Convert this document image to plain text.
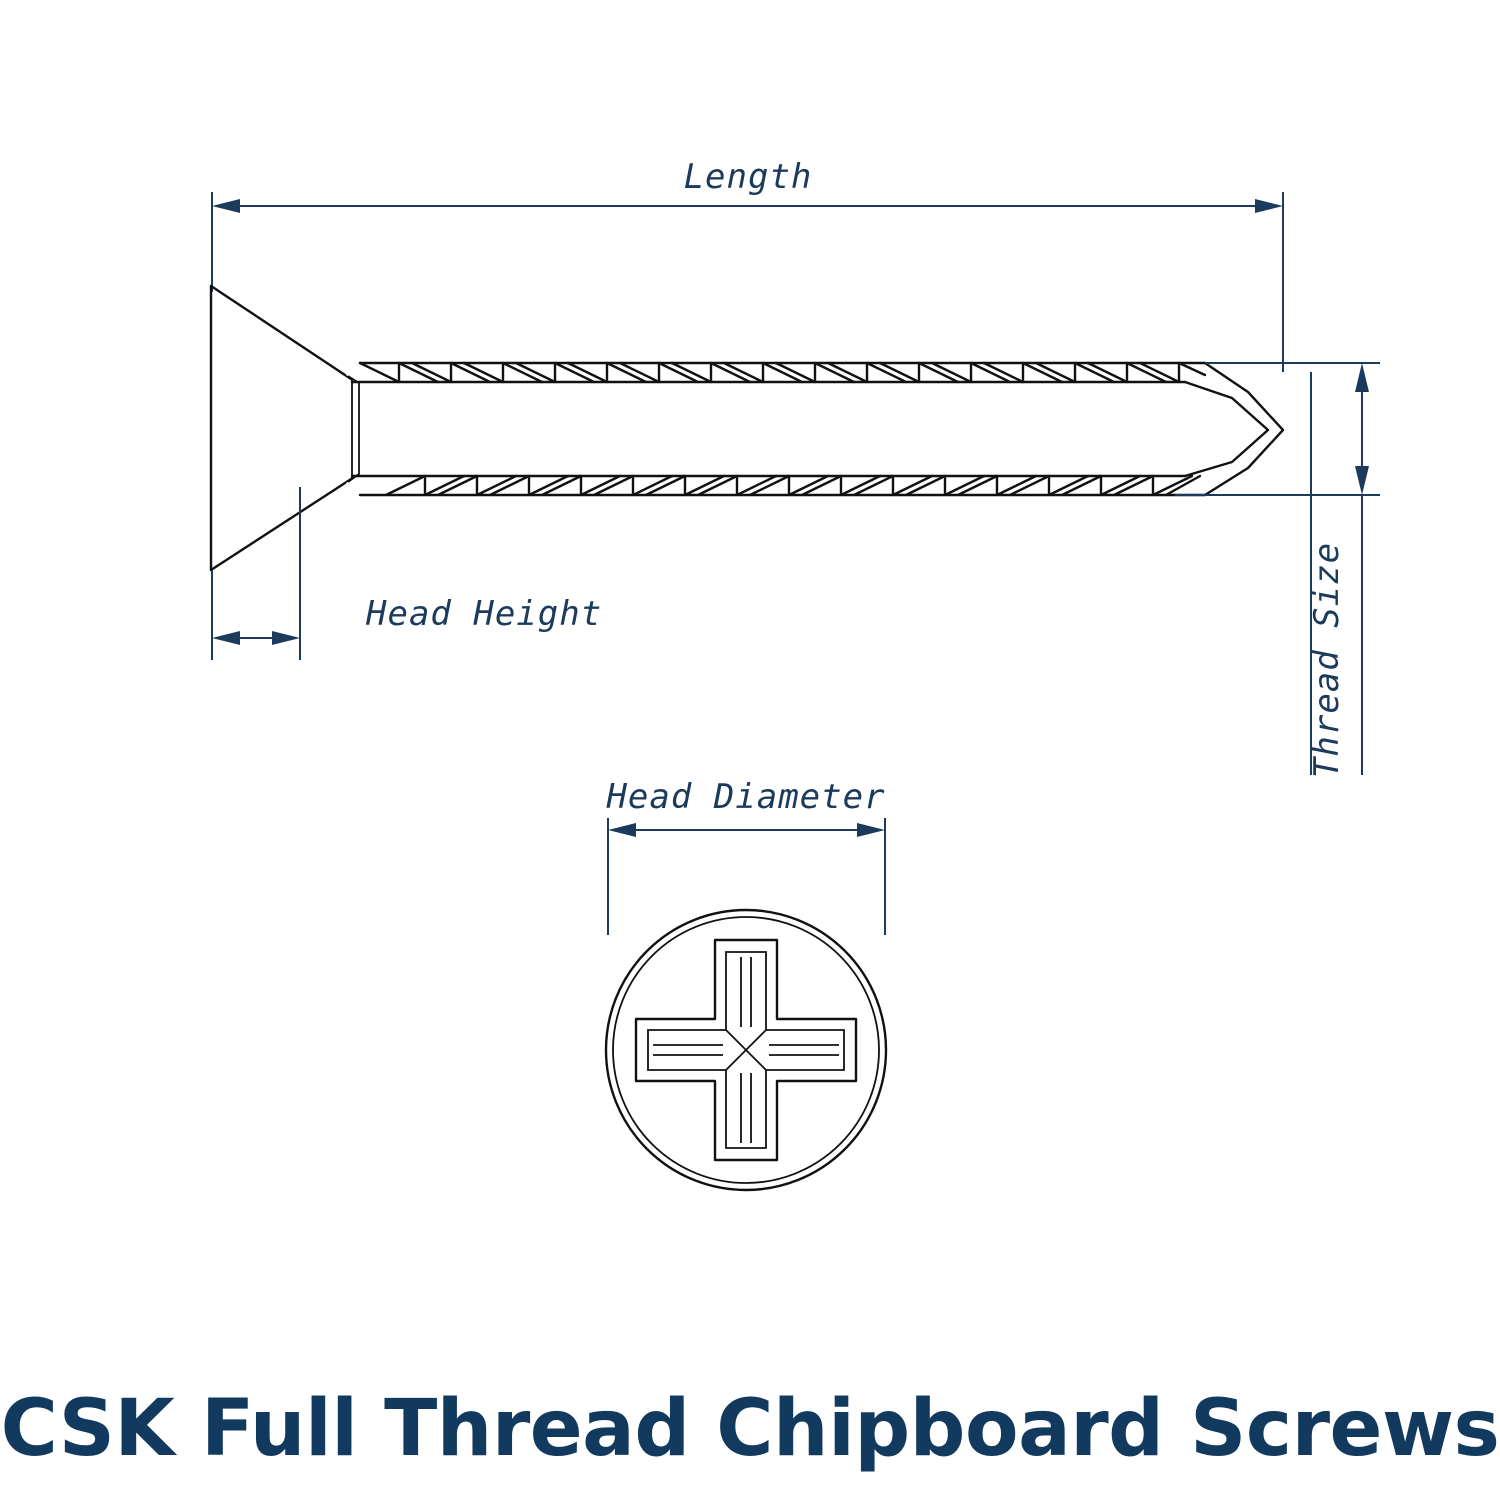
Length
Thread Size
Head Height
Head Diameter
CSK Full Thread Chipboard Screws
